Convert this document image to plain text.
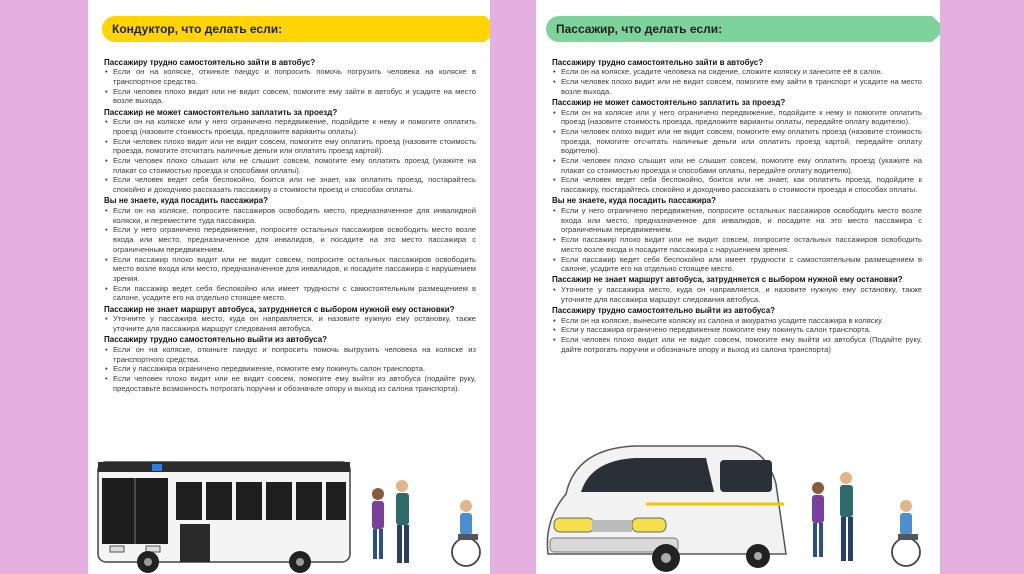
Кондуктор, что делать если:
Пассажиру трудно самостоятельно зайти в автобус?
• Если он на коляске, откиньте пандус и попросить помочь погрузить человека на коляске в транспортное средство.
• Если человек плохо видит или не видит совсем, помогите ему зайти в автобус и усадите на место возле выхода.
Пассажир не может самостоятельно заплатить за проезд?
• Если он на коляске или у него ограничено передвижение, подойдите к нему и помогите оплатить проезд (назовите стоимость проезда, предложите варианты оплаты).
• Если человек плохо видит или не видит совсем, помогите ему оплатить проезд (назовите стоимость проезда, помогите отсчитать наличные деньги или оплатить проезд картой).
• Если человек плохо слышит или не слышит совсем, помогите ему оплатить проезд (укажите на плакат со стоимостью проезда и способами оплаты).
• Если человек ведет себя беспокойно, боится или не знает, как оплатить проезд, постарайтесь спокойно и доходчиво рассказать пассажиру о стоимости проезд и способах оплаты.
Вы не знаете, куда посадить пассажира?
• Если он на коляске, попросите пассажиров освободить место, предназначенное для инвалидной коляски, и переместите туда пассажира.
• Если у него ограничено передвижение, попросите остальных пассажиров освободить место возле входа или место, предназначенное для инвалидов, и посадите на это место пассажира с ограниченным передвижением.
• Если пассажир плохо видит или не видит совсем, попросите остальных пассажиров освободить место возле входа или место, предназначенное для инвалидов, и посадите пассажира с нарушением зрения.
• Если пассажир ведет себя беспокойно или имеет трудности с самостоятельным размещением в салоне, усадите его на отдельно стоящее место.
Пассажир не знает маршрут автобуса, затрудняется с выбором нужной ему остановки?
• Уточните у пассажира место, куда он направляется, и назовите нужную ему остановку, также уточните для пассажира маршрут следования автобуса.
Пассажиру трудно самостоятельно выйти из автобуса?
• Если он на коляске, откиньте пандус и попросить помочь выгрузить человека на коляске из транспортного средства.
• Если у пассажира ограничено передвижение, помогите ему покинуть салон транспорта.
• Если человек плохо видит или не видит совсем, помогите ему выйти из автобуса (подайте руку, предоставьте возможность потрогать поручни и обозначьте опору и выход из салона транспорта).
Пассажир, что делать если:
Пассажиру трудно самостоятельно зайти в автобус?
• Если он на коляске, усадите человека на сидение, сложите коляску и занесите её в салон.
• Если человек плохо видит или не видит совсем, помогите ему зайти в транспорт и усадите на место возле выхода.
Пассажир не может самостоятельно заплатить за проезд?
• Если он на коляске или у него ограничено передвижение, подойдите к нему и помогите оплатить проезд (назовите стоимость проезда, предложите варианты оплаты, передайте оплату водителю).
• Если человек плохо видит или не видит совсем, помогите ему оплатить проезд (назовите стоимость проезда, помогите отсчитать наличные деньги или оплатить проезд картой, передайте оплату водителю).
• Если человек плохо слышит или не слышит совсем, помогите ему оплатить проезд (укажите на плакат со стоимостью проезда и способами оплаты, передайте оплату водителю).
• Если человек ведет себя беспокойно, боится или не знает, как оплатить проезд, подойдите к пассажиру, постарайтесь спокойно и доходчиво рассказать о стоимости проезда и способах оплаты.
Вы не знаете, куда посадить пассажира?
• Если у него ограничено передвижение, попросите остальных пассажиров освободить место возле входа или место, предназначенное для инвалидов, и посадите на это место пассажира с ограниченным передвижением.
• Если пассажир плохо видит или не видит совсем, попросите остальных пассажиров освободить место возле входа и посадите пассажира с нарушением зрения.
• Если пассажир ведет себя беспокойно или имеет трудности с самостоятельным размещением в салоне, усадите его на отдельно стоящее место.
Пассажир не знает маршрут автобуса, затрудняется с выбором нужной ему остановки?
• Уточните у пассажира место, куда он направляется, и назовите нужную ему остановку, также уточните для пассажира маршрут следования автобуса.
Пассажиру трудно самостоятельно выйти из автобуса?
• Если он на коляске, вынесите коляску из салона и аккуратно усадите пассажира в коляску.
• Если у пассажира ограничено передвижение помогите ему покинуть салон транспорта.
• Если человек плохо видит или не видит совсем, помогите ему выйти из автобуса (Подайте руку, дайте потрогать поручни и обозначьте опору и выход из салона транспорта)
